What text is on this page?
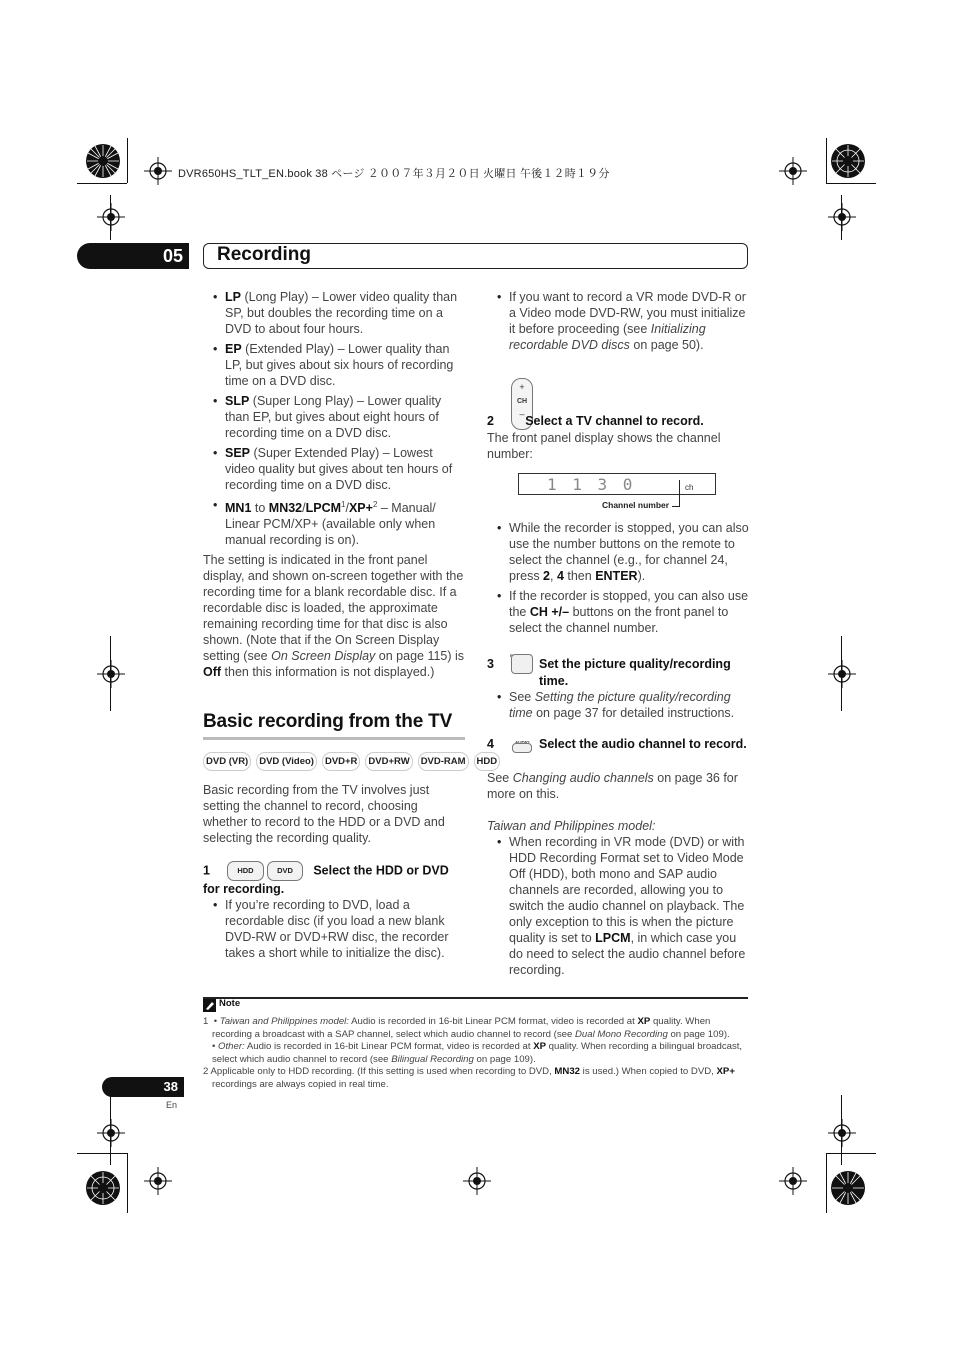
DVR650HS_TLT_EN.book 38 ページ ２００７年３月２０日 火曜日 午後１２時１９分
05	Recording
• LP (Long Play) – Lower video quality than SP, but doubles the recording time on a DVD to about four hours.
• EP (Extended Play) – Lower quality than LP, but gives about six hours of recording time on a DVD disc.
• SLP (Super Long Play) – Lower quality than EP, but gives about eight hours of recording time on a DVD disc.
• SEP (Super Extended Play) – Lowest video quality but gives about ten hours of recording time on a DVD disc.
• MN1 to $MN32/LPCM^1/XP+^2$ – Manual/ Linear PCM/XP+ (available only when manual recording is on).

The setting is indicated in the front panel display, and shown on-screen together with the recording time for a blank recordable disc. If a recordable disc is loaded, the approximate remaining recording time for that disc is also shown. (Note that if the On Screen Display setting (see On Screen Display on page 115) is Off then this information is not displayed.)

Basic recording from the TV
DVD (VR)	DVD (Video)	DVD+R	DVD+RW	DVD-RAM	HDD

Basic recording from the TV involves just setting the channel to record, choosing whether to record to the HDD or a DVD and selecting the recording quality.

1	HDD	DVD Select the HDD or DVD for recording.

• If you’re recording to DVD, load a recordable disc (if you load a new blank DVD-RW or DVD+RW disc, the recorder takes a short while to initialize the disc).
• If you want to record a VR mode DVD-R or a Video mode DVD-RW, you must initialize it before proceeding (see Initializing recordable DVD discs on page 50).
+
CH
–

2	Select a TV channel to record.

The front panel display shows the channel number:

1 1 3 0	ch
Channel number
• While the recorder is stopped, you can also use the number buttons on the remote to select the channel (e.g., for channel 24, press 2, 4 then ENTER).
• If the recorder is stopped, you can also use the CH +/– buttons on the front panel to select the channel number.
3	Set the picture quality/recording time.
• See Setting the picture quality/recording time on page 37 for detailed instructions.
4	Select the audio channel to record.

See Changing audio channels on page 36 for more on this.

Taiwan and Philippines model:

• When recording in VR mode (DVD) or with HDD Recording Format set to Video Mode Off (HDD), both mono and SAP audio channels are recorded, allowing you to switch the audio channel on playback. The only exception to this is when the picture quality is set to LPCM, in which case you do need to select the audio channel before recording.
Note

1 • Taiwan and Philippines model: Audio is recorded in 16-bit Linear PCM format, video is recorded at XP quality. When recording a broadcast with a SAP channel, select which audio channel to record (see Dual Mono Recording on page 109).

• Other: Audio is recorded in 16-bit Linear PCM format, video is recorded at XP quality. When recording a bilingual broadcast, select which audio channel to record (see Bilingual Recording on page 109).

2 Applicable only to HDD recording. (If this setting is used when recording to DVD, MN32 is used.) When copied to DVD, XP+ recordings are always copied in real time.

38
En
